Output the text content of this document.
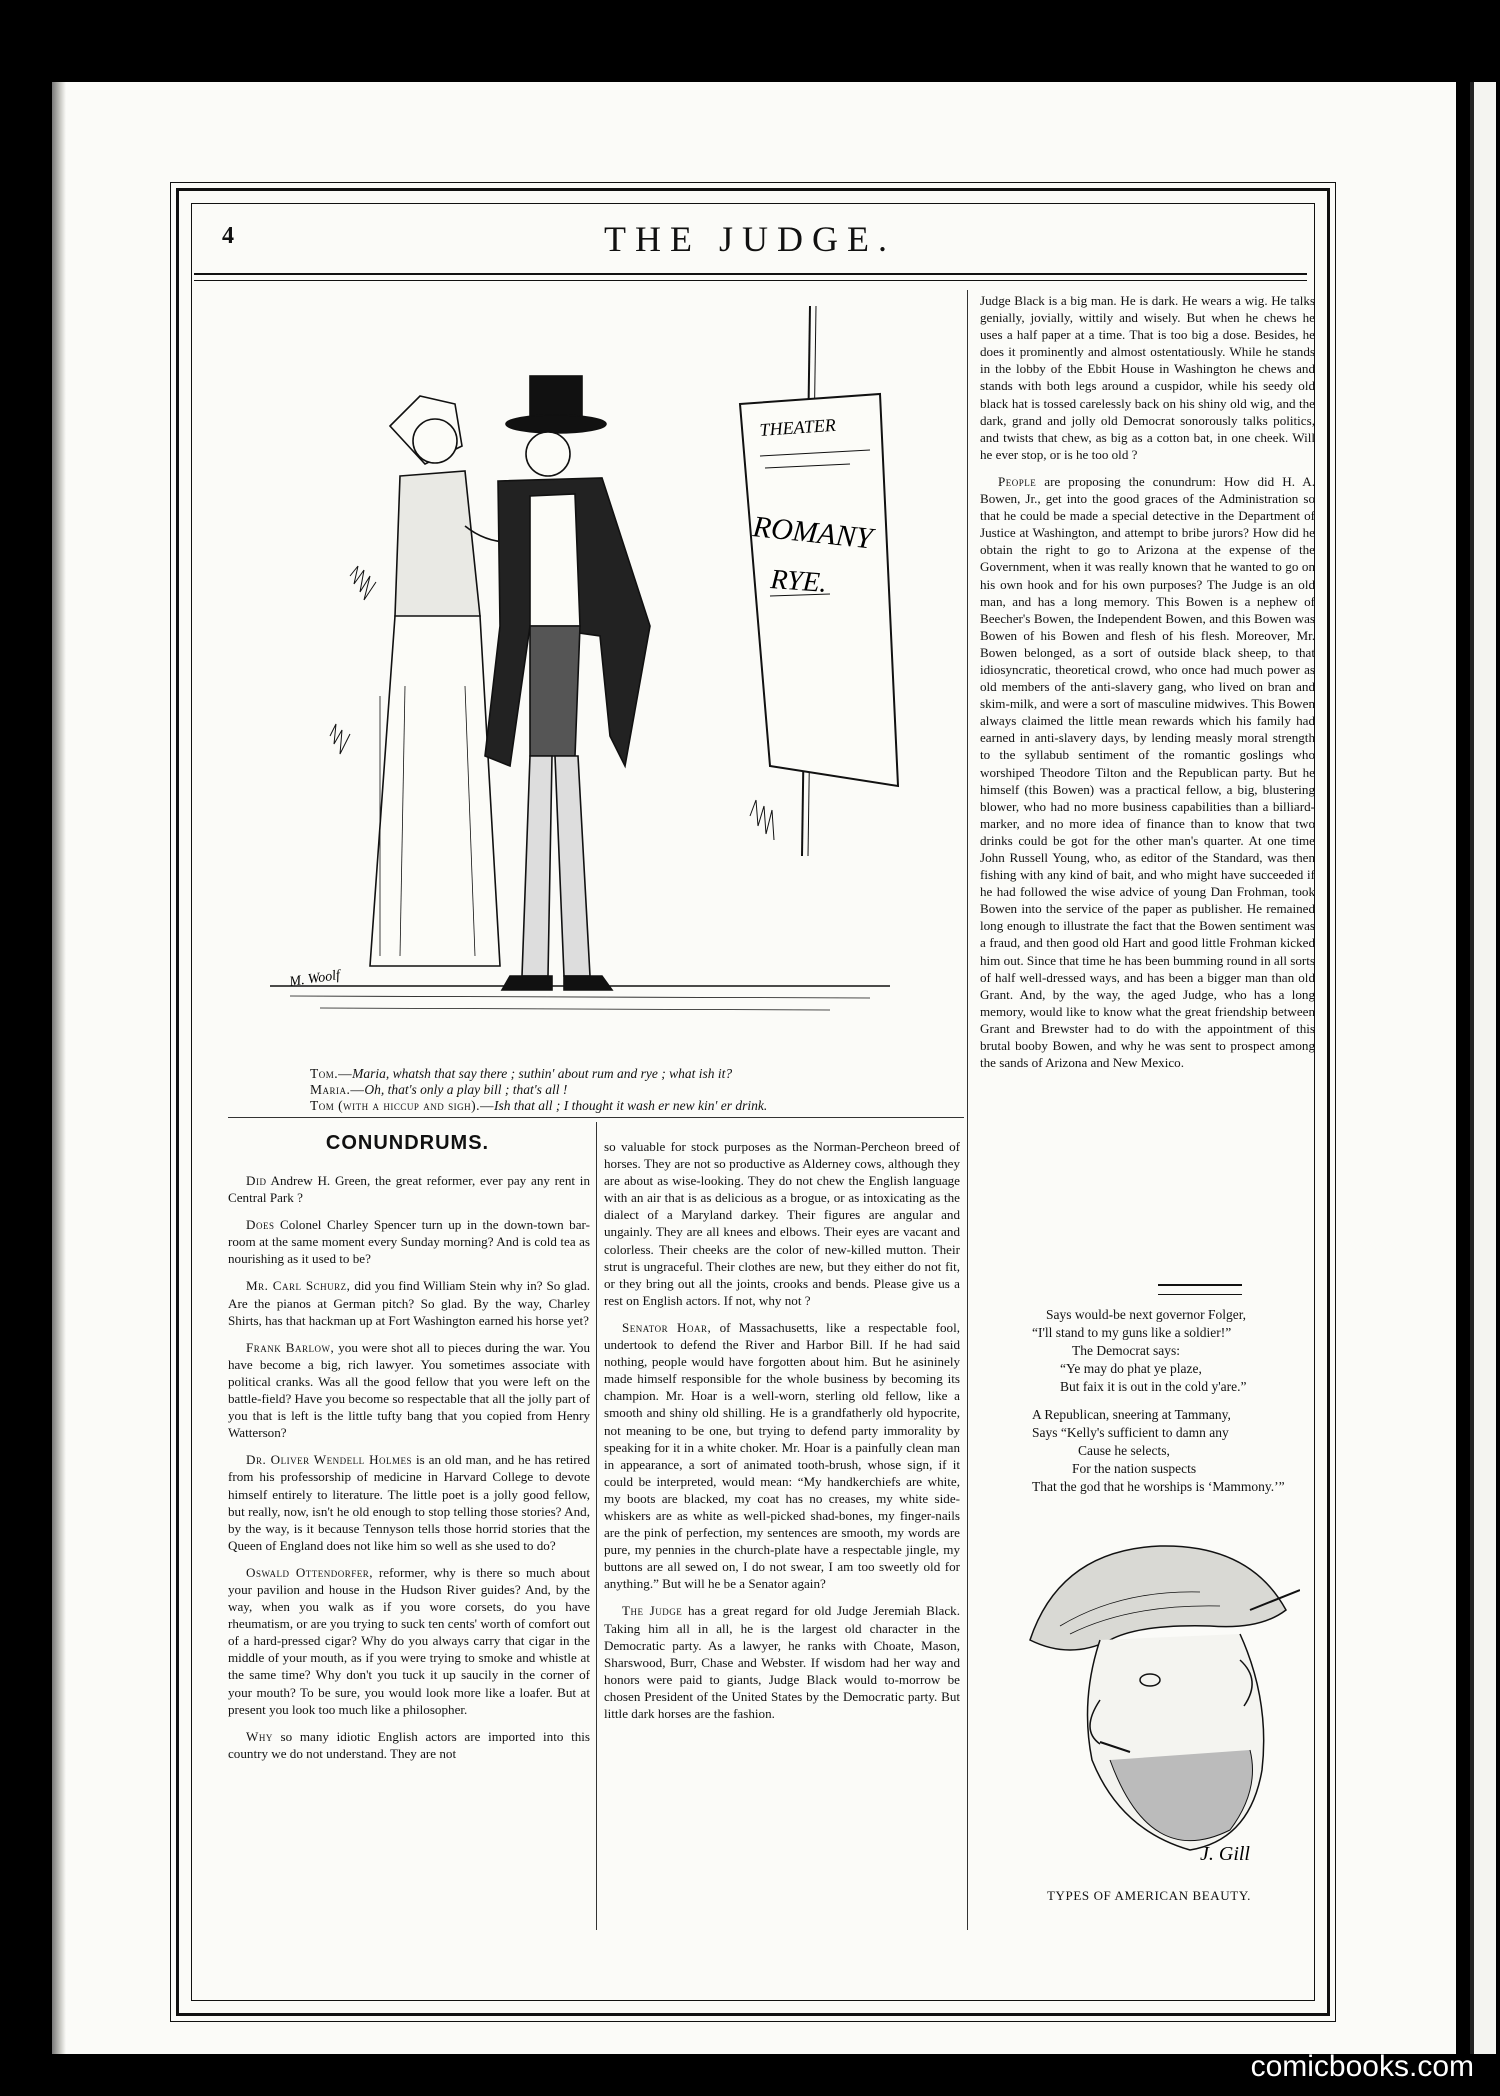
4	THE JUDGE.
THEATER
ROMANY
RYE.
M. Woolf
Tom.—Maria, whatsh that say there ; suthin' about rum and rye ; what ish it?
Maria.—Oh, that's only a play bill ; that's all !
Tom (with a hiccup and sigh).—Ish that all ; I thought it wash er new kin' er drink.
CONUNDRUMS.

Did Andrew H. Green, the great reformer, ever pay any rent in Central Park ?

Does Colonel Charley Spencer turn up in the down-town bar-room at the same moment every Sunday morning? And is cold tea as nourishing as it used to be?

Mr. Carl Schurz, did you find William Stein why in? So glad. Are the pianos at German pitch? So glad. By the way, Charley Shirts, has that hackman up at Fort Washington earned his horse yet?

Frank Barlow, you were shot all to pieces during the war. You have become a big, rich lawyer. You sometimes associate with political cranks. Was all the good fellow that you were left on the battle-field? Have you become so respectable that all the jolly part of you that is left is the little tufty bang that you copied from Henry Watterson?

Dr. Oliver Wendell Holmes is an old man, and he has retired from his professorship of medicine in Harvard College to devote himself entirely to literature. The little poet is a jolly good fellow, but really, now, isn't he old enough to stop telling those stories? And, by the way, is it because Tennyson tells those horrid stories that the Queen of England does not like him so well as she used to do?

Oswald Ottendorfer, reformer, why is there so much about your pavilion and house in the Hudson River guides? And, by the way, when you walk as if you wore corsets, do you have rheumatism, or are you trying to suck ten cents' worth of comfort out of a hard-pressed cigar? Why do you always carry that cigar in the middle of your mouth, as if you were trying to smoke and whistle at the same time? Why don't you tuck it up saucily in the corner of your mouth? To be sure, you would look more like a loafer. But at present you look too much like a philosopher.

Why so many idiotic English actors are imported into this country we do not understand. They are not

so valuable for stock purposes as the Norman-Percheon breed of horses. They are not so productive as Alderney cows, although they are about as wise-looking. They do not chew the English language with an air that is as delicious as a brogue, or as intoxicating as the dialect of a Maryland darkey. Their figures are angular and ungainly. They are all knees and elbows. Their eyes are vacant and colorless. Their cheeks are the color of new-killed mutton. Their strut is ungraceful. Their clothes are new, but they either do not fit, or they bring out all the joints, crooks and bends. Please give us a rest on English actors. If not, why not ?

Senator Hoar, of Massachusetts, like a respectable fool, undertook to defend the River and Harbor Bill. If he had said nothing, people would have forgotten about him. But he asininely made himself responsible for the whole business by becoming its champion. Mr. Hoar is a well-worn, sterling old fellow, like a smooth and shiny old shilling. He is a grandfatherly old hypocrite, not meaning to be one, but trying to defend party immorality by speaking for it in a white choker. Mr. Hoar is a painfully clean man in appearance, a sort of animated tooth-brush, whose sign, if it could be interpreted, would mean: “My handkerchiefs are white, my boots are blacked, my coat has no creases, my white side-whiskers are as white as well-picked shad-bones, my finger-nails are the pink of perfection, my sentences are smooth, my words are pure, my pennies in the church-plate have a respectable jingle, my buttons are all sewed on, I do not swear, I am too sweetly old for anything.” But will he be a Senator again?

The Judge has a great regard for old Judge Jeremiah Black. Taking him all in all, he is the largest old character in the Democratic party. As a lawyer, he ranks with Choate, Mason, Sharswood, Burr, Chase and Webster. If wisdom had her way and honors were paid to giants, Judge Black would to-morrow be chosen President of the United States by the Democratic party. But little dark horses are the fashion.

Judge Black is a big man. He is dark. He wears a wig. He talks genially, jovially, wittily and wisely. But when he chews he uses a half paper at a time. That is too big a dose. Besides, he does it prominently and almost ostentatiously. While he stands in the lobby of the Ebbit House in Washington he chews and stands with both legs around a cuspidor, while his seedy old black hat is tossed carelessly back on his shiny old wig, and the dark, grand and jolly old Democrat sonorously talks politics, and twists that chew, as big as a cotton bat, in one cheek. Will he ever stop, or is he too old ?

People are proposing the conundrum: How did H. A. Bowen, Jr., get into the good graces of the Administration so that he could be made a special detective in the Department of Justice at Washington, and attempt to bribe jurors? How did he obtain the right to go to Arizona at the expense of the Government, when it was really known that he wanted to go on his own hook and for his own purposes? The Judge is an old man, and has a long memory. This Bowen is a nephew of Beecher's Bowen, the Independent Bowen, and this Bowen was Bowen of his Bowen and flesh of his flesh. Moreover, Mr. Bowen belonged, as a sort of outside black sheep, to that idiosyncratic, theoretical crowd, who once had much power as old members of the anti-slavery gang, who lived on bran and skim-milk, and were a sort of masculine midwives. This Bowen always claimed the little mean rewards which his family had earned in anti-slavery days, by lending measly moral strength to the syllabub sentiment of the romantic goslings who worshiped Theodore Tilton and the Republican party. But he himself (this Bowen) was a practical fellow, a big, blustering blower, who had no more business capabilities than a billiard-marker, and no more idea of finance than to know that two drinks could be got for the other man's quarter. At one time John Russell Young, who, as editor of the Standard, was then fishing with any kind of bait, and who might have succeeded if he had followed the wise advice of young Dan Frohman, took Bowen into the service of the paper as publisher. He remained long enough to illustrate the fact that the Bowen sentiment was a fraud, and then good old Hart and good little Frohman kicked him out. Since that time he has been bumming round in all sorts of half well-dressed ways, and has been a bigger man than old Grant. And, by the way, the aged Judge, who has a long memory, would like to know what the great friendship between Grant and Brewster had to do with the appointment of this brutal booby Bowen, and why he was sent to prospect among the sands of Arizona and New Mexico.

Says would-be next governor Folger,
“I'll stand to my guns like a soldier!”
The Democrat says:
“Ye may do phat ye plaze,
But faix it is out in the cold y'are.”
A Republican, sneering at Tammany,
Says “Kelly's sufficient to damn any
Cause he selects,
For the nation suspects
That the god that he worships is ‘Mammony.’”
J. Gill
TYPES OF AMERICAN BEAUTY.
comicbooks.com
